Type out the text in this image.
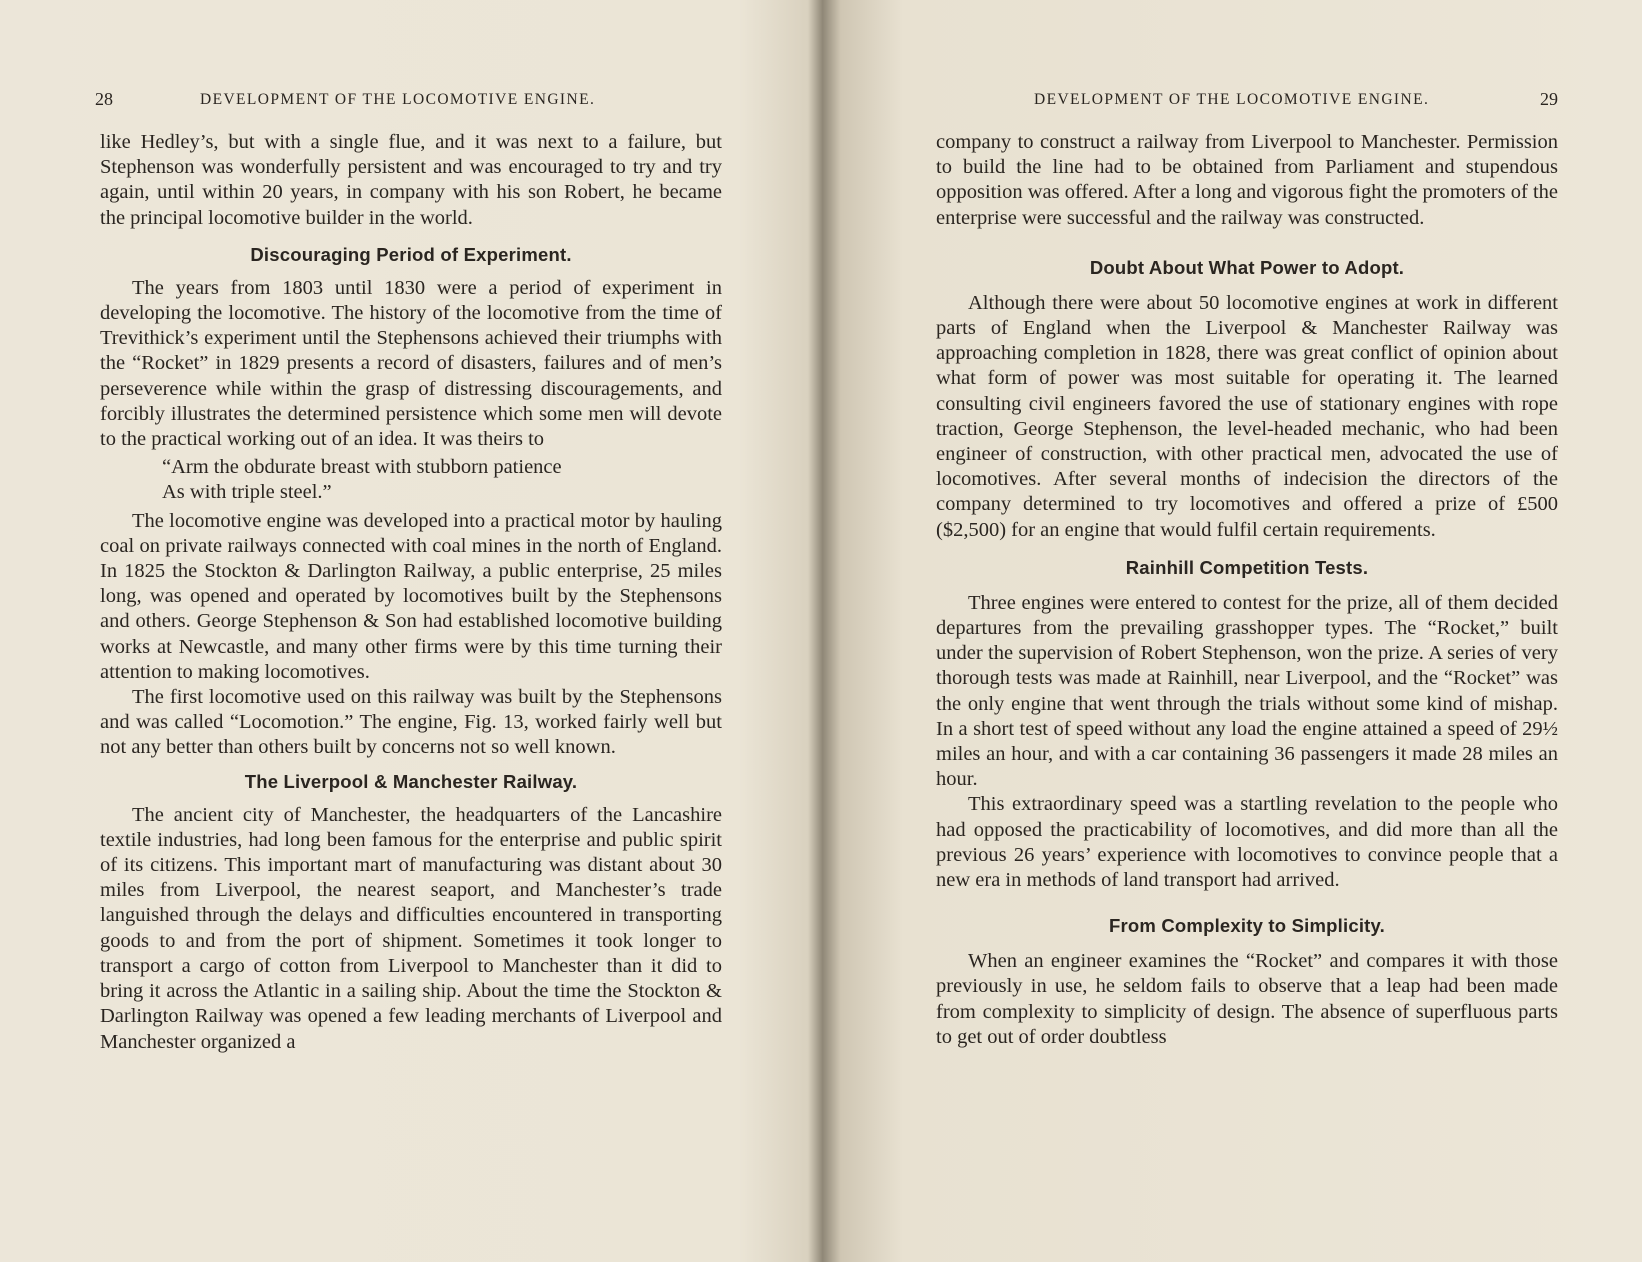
28	DEVELOPMENT OF THE LOCOMOTIVE ENGINE.

like Hedley’s, but with a single flue, and it was next to a failure, but Stephenson was wonderfully persistent and was encouraged to try and try again, until within 20 years, in company with his son Robert, he became the principal locomotive builder in the world.

Discouraging Period of Experiment.

The years from 1803 until 1830 were a period of experiment in developing the locomotive. The history of the locomotive from the time of Trevithick’s experiment until the Stephensons achieved their triumphs with the “Rocket” in 1829 presents a record of disasters, failures and of men’s perseverence while within the grasp of distressing discouragements, and forcibly illustrates the determined persistence which some men will devote to the practical working out of an idea. It was theirs to

“Arm the obdurate breast with stubborn patience

As with triple steel.”

The locomotive engine was developed into a practical motor by hauling coal on private railways connected with coal mines in the north of England. In 1825 the Stockton & Darlington Railway, a public enterprise, 25 miles long, was opened and operated by locomotives built by the Stephensons and others. George Stephenson & Son had established locomotive building works at Newcastle, and many other firms were by this time turning their attention to making locomotives.

The first locomotive used on this railway was built by the Stephensons and was called “Locomotion.” The engine, Fig. 13, worked fairly well but not any better than others built by concerns not so well known.

The Liverpool & Manchester Railway.

The ancient city of Manchester, the headquarters of the Lancashire textile industries, had long been famous for the enterprise and public spirit of its citizens. This important mart of manufacturing was distant about 30 miles from Liverpool, the nearest seaport, and Manchester’s trade languished through the delays and difficulties encountered in transporting goods to and from the port of shipment. Sometimes it took longer to transport a cargo of cotton from Liverpool to Manchester than it did to bring it across the Atlantic in a sailing ship. About the time the Stockton & Darlington Railway was opened a few leading merchants of Liverpool and Manchester organized a

DEVELOPMENT OF THE LOCOMOTIVE ENGINE.	29

company to construct a railway from Liverpool to Manchester. Permission to build the line had to be obtained from Parliament and stupendous opposition was offered. After a long and vigorous fight the promoters of the enterprise were successful and the railway was constructed.

Doubt About What Power to Adopt.

Although there were about 50 locomotive engines at work in different parts of England when the Liverpool & Manchester Railway was approaching completion in 1828, there was great conflict of opinion about what form of power was most suitable for operating it. The learned consulting civil engineers favored the use of stationary engines with rope traction, George Stephenson, the level-headed mechanic, who had been engineer of construction, with other practical men, advocated the use of locomotives. After several months of indecision the directors of the company determined to try locomotives and offered a prize of £500 ($2,500) for an engine that would fulfil certain requirements.

Rainhill Competition Tests.

Three engines were entered to contest for the prize, all of them decided departures from the prevailing grasshopper types. The “Rocket,” built under the supervision of Robert Stephenson, won the prize. A series of very thorough tests was made at Rainhill, near Liverpool, and the “Rocket” was the only engine that went through the trials without some kind of mishap. In a short test of speed without any load the engine attained a speed of 29½ miles an hour, and with a car containing 36 passengers it made 28 miles an hour.

This extraordinary speed was a startling revelation to the people who had opposed the practicability of locomotives, and did more than all the previous 26 years’ experience with locomotives to convince people that a new era in methods of land transport had arrived.

From Complexity to Simplicity.

When an engineer examines the “Rocket” and compares it with those previously in use, he seldom fails to observe that a leap had been made from complexity to simplicity of design. The absence of superfluous parts to get out of order doubtless
